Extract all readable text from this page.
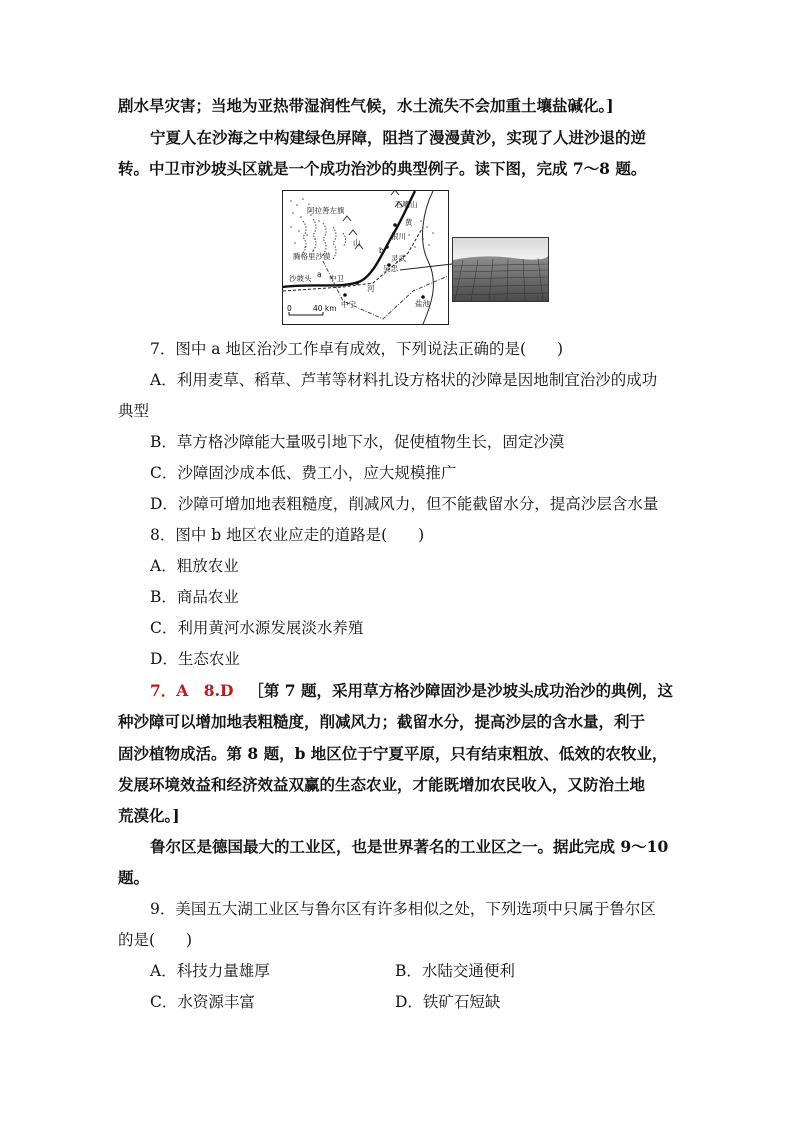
剧水旱灾害；当地为亚热带湿润性气候，水土流失不会加重土壤盐碱化。]
宁夏人在沙海之中构建绿色屏障，阻挡了漫漫黄沙，实现了人进沙退的逆
转。中卫市沙坡头区就是一个成功治沙的典型例子。读下图，完成 7～8 题。
阿拉善左旗
石嘴山
腾格里沙漠
沙坡头 中卫
中宁
银川
灵武
吴忠
盐池
河
黄
山
a
b
0	40 km
7．图中 a 地区治沙工作卓有成效，下列说法正确的是(　　)
A．利用麦草、稻草、芦苇等材料扎设方格状的沙障是因地制宜治沙的成功
典型
B．草方格沙障能大量吸引地下水，促使植物生长，固定沙漠
C．沙障固沙成本低、费工小，应大规模推广
D．沙障可增加地表粗糙度，削减风力，但不能截留水分，提高沙层含水量
8．图中 b 地区农业应走的道路是(　　)
A．粗放农业
B．商品农业
C．利用黄河水源发展淡水养殖
D．生态农业
7．A　8.D ［第 7 题，采用草方格沙障固沙是沙坡头成功治沙的典例，这
种沙障可以增加地表粗糙度，削减风力；截留水分，提高沙层的含水量，利于
固沙植物成活。第 8 题，b 地区位于宁夏平原，只有结束粗放、低效的农牧业，
发展环境效益和经济效益双赢的生态农业，才能既增加农民收入，又防治土地
荒漠化。]
鲁尔区是德国最大的工业区，也是世界著名的工业区之一。据此完成 9～10
题。
9．美国五大湖工业区与鲁尔区有许多相似之处，下列选项中只属于鲁尔区
的是(　　)
A．科技力量雄厚	B．水陆交通便利
C．水资源丰富	D．铁矿石短缺
